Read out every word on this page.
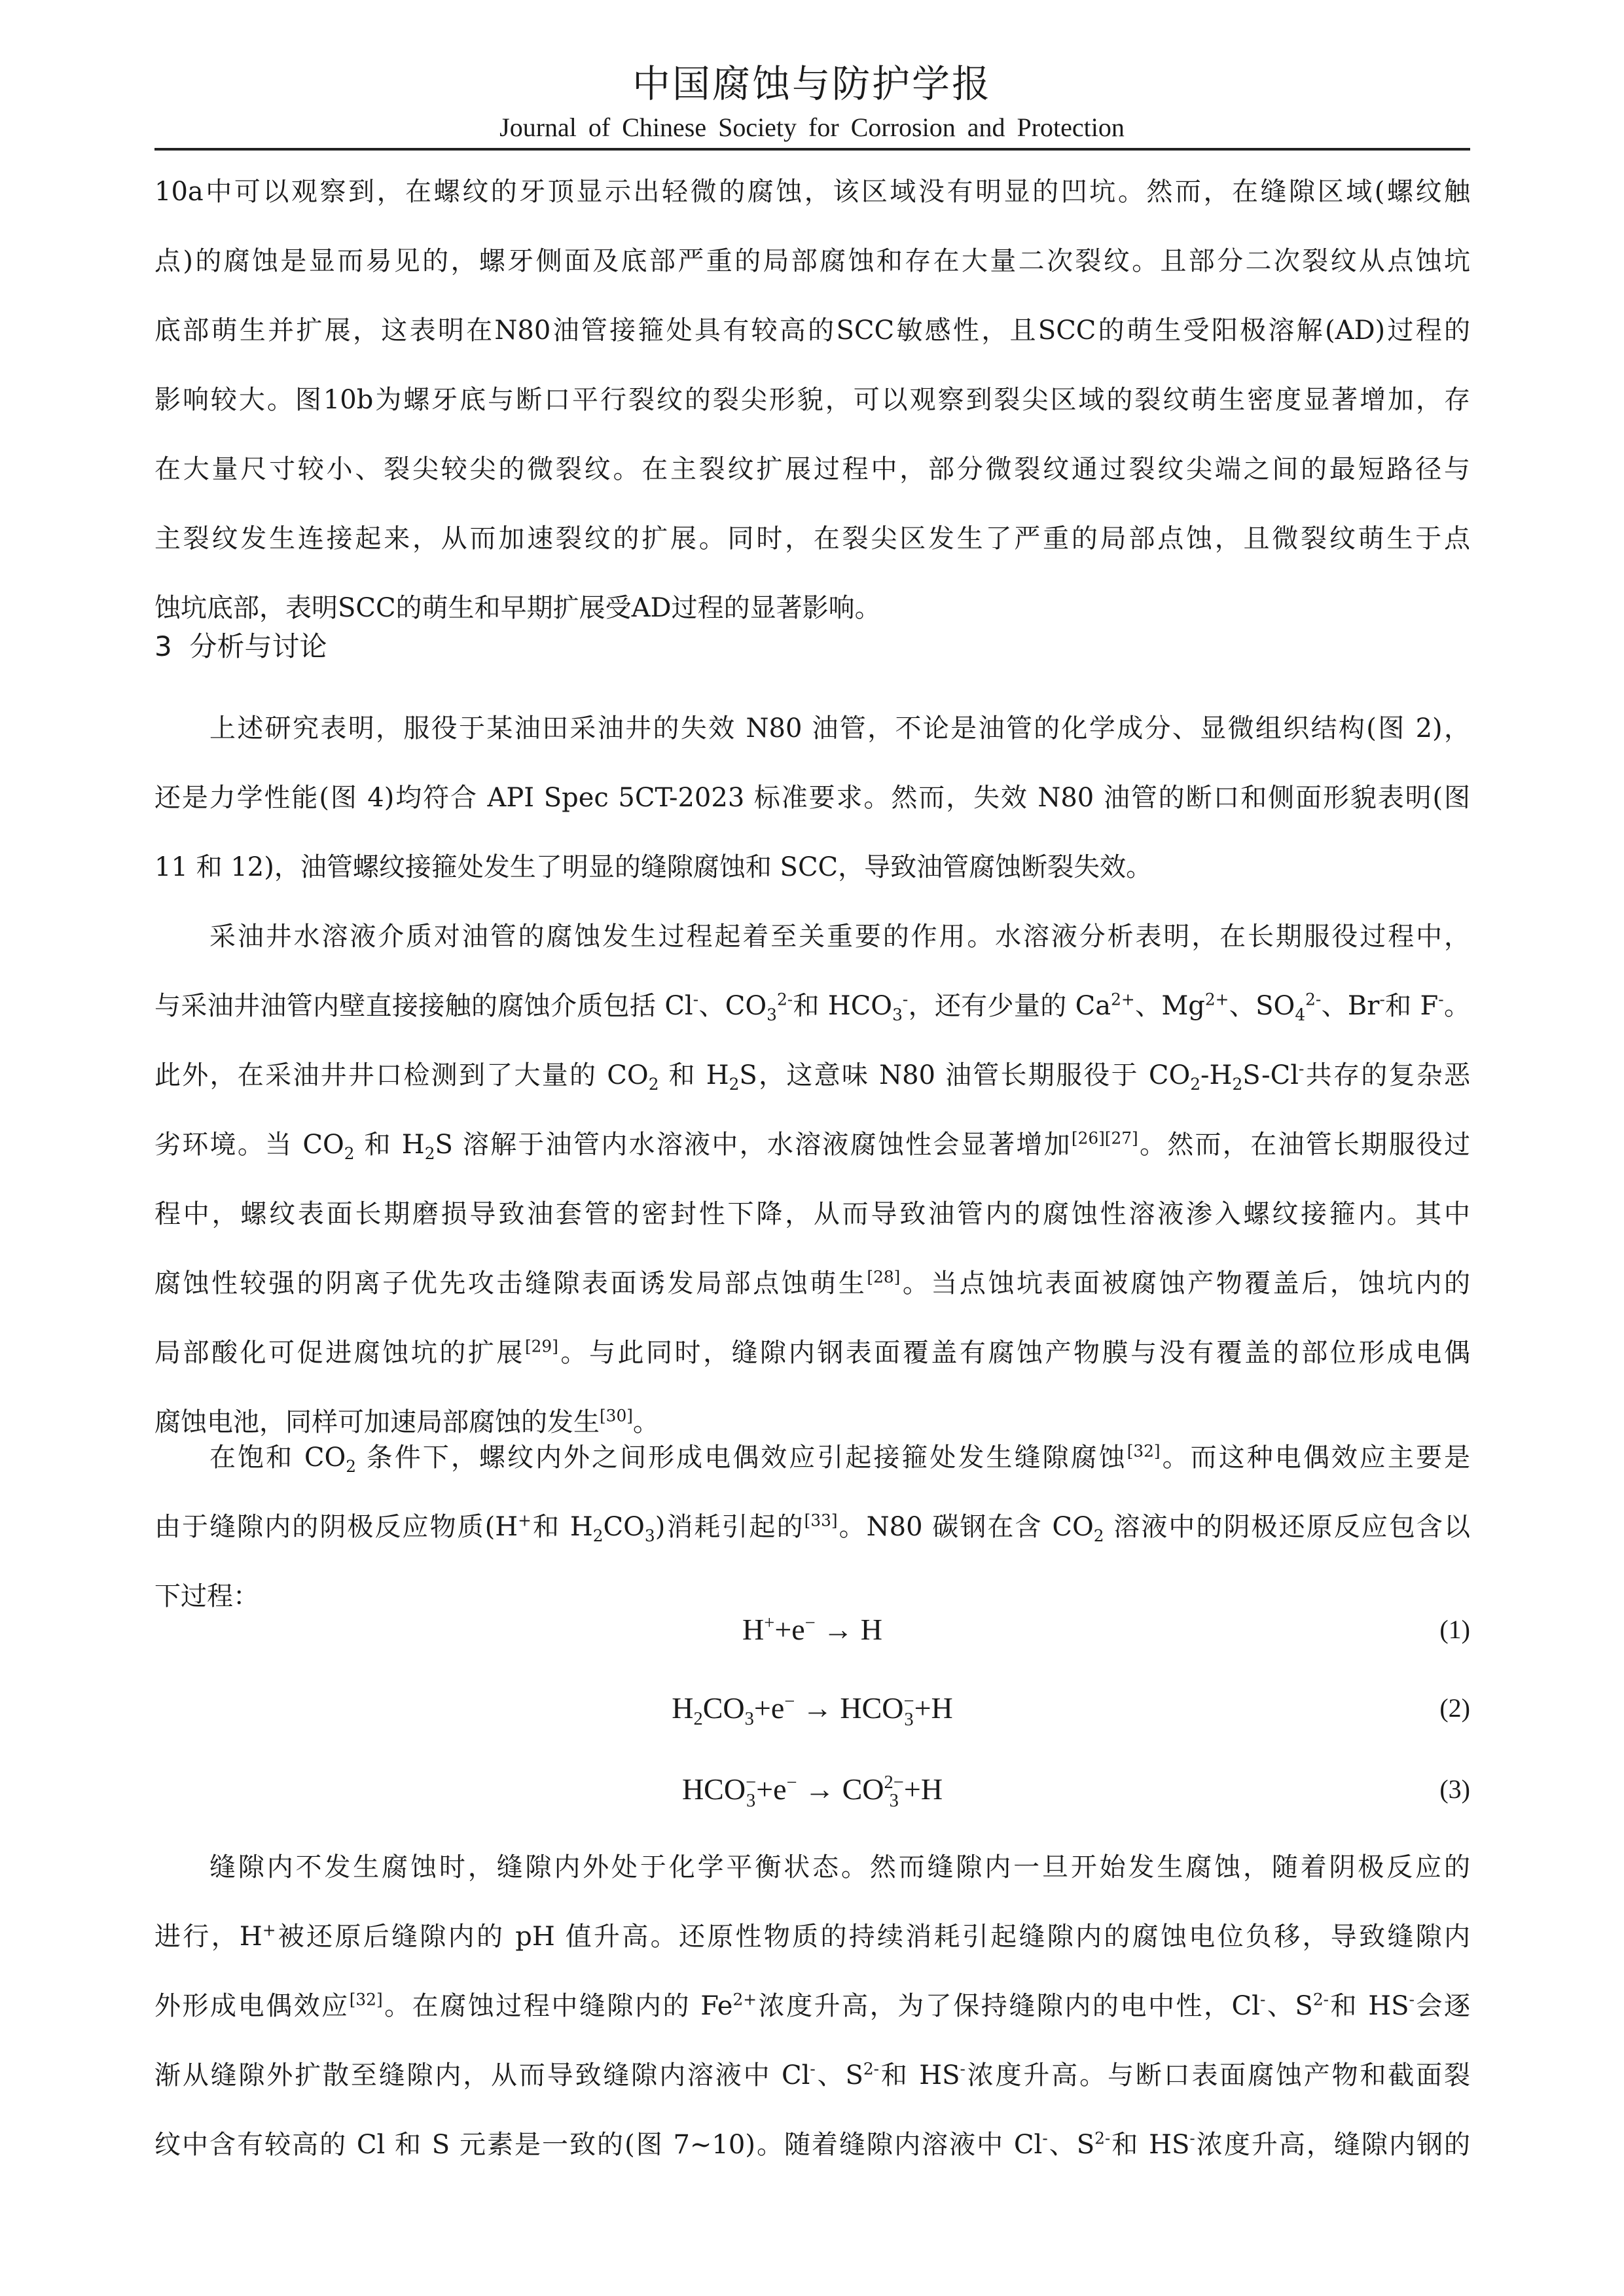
中国腐蚀与防护学报
Journal of Chinese Society for Corrosion and Protection
10a中可以观察到，在螺纹的牙顶显示出轻微的腐蚀，该区域没有明显的凹坑。然而，在缝隙区域(螺纹触
点)的腐蚀是显而易见的，螺牙侧面及底部严重的局部腐蚀和存在大量二次裂纹。且部分二次裂纹从点蚀坑
底部萌生并扩展，这表明在N80油管接箍处具有较高的SCC敏感性，且SCC的萌生受阳极溶解(AD)过程的
影响较大。图10b为螺牙底与断口平行裂纹的裂尖形貌，可以观察到裂尖区域的裂纹萌生密度显著增加，存
在大量尺寸较小、裂尖较尖的微裂纹。在主裂纹扩展过程中，部分微裂纹通过裂纹尖端之间的最短路径与
主裂纹发生连接起来，从而加速裂纹的扩展。同时，在裂尖区发生了严重的局部点蚀，且微裂纹萌生于点
蚀坑底部，表明SCC的萌生和早期扩展受AD过程的显著影响。
3 分析与讨论
上述研究表明，服役于某油田采油井的失效 N80 油管，不论是油管的化学成分、显微组织结构(图 2)，
还是力学性能(图 4)均符合 API Spec 5CT-2023 标准要求。然而，失效 N80 油管的断口和侧面形貌表明(图
11 和 12)，油管螺纹接箍处发生了明显的缝隙腐蚀和 SCC，导致油管腐蚀断裂失效。
采油井水溶液介质对油管的腐蚀发生过程起着至关重要的作用。水溶液分析表明，在长期服役过程中，
与采油井油管内壁直接接触的腐蚀介质包括 Cl-、$CO_3^{2-}$和 $HCO_3^-$，还有少量的 $Ca^{2+}$、$Mg^{2+}$、$SO_4^{2-}$、Br-和 F-。
此外，在采油井井口检测到了大量的 $CO_2$ 和 $H_2S$，这意味 N80 油管长期服役于 $CO_2-H_2S-Cl^-$共存的复杂恶
劣环境。当 $CO_2$ 和 $H_2S$ 溶解于油管内水溶液中，水溶液腐蚀性会显著增加[26][27]。然而，在油管长期服役过
程中，螺纹表面长期磨损导致油套管的密封性下降，从而导致油管内的腐蚀性溶液渗入螺纹接箍内。其中
腐蚀性较强的阴离子优先攻击缝隙表面诱发局部点蚀萌生[28]。当点蚀坑表面被腐蚀产物覆盖后，蚀坑内的
局部酸化可促进腐蚀坑的扩展[29]。与此同时，缝隙内钢表面覆盖有腐蚀产物膜与没有覆盖的部位形成电偶
腐蚀电池，同样可加速局部腐蚀的发生[30]。
在饱和 $CO_2$ 条件下，螺纹内外之间形成电偶效应引起接箍处发生缝隙腐蚀[32]。而这种电偶效应主要是
由于缝隙内的阴极反应物质(H+和 $H_2CO_3$)消耗引起的[33]。N80 碳钢在含 $CO_2$ 溶液中的阴极还原反应包含以
下过程：
H++e− → H	(1)
$H_2CO_3+e^-$ → HCO −
3 +H	(2)
HCO −
3 +e− → CO 2−
3 +H	(3)
缝隙内不发生腐蚀时，缝隙内外处于化学平衡状态。然而缝隙内一旦开始发生腐蚀，随着阴极反应的
进行，H+被还原后缝隙内的 pH 值升高。还原性物质的持续消耗引起缝隙内的腐蚀电位负移，导致缝隙内
外形成电偶效应[32]。在腐蚀过程中缝隙内的 $Fe^{2+}$浓度升高，为了保持缝隙内的电中性，Cl-、$S^{2-}$和 HS-会逐
渐从缝隙外扩散至缝隙内，从而导致缝隙内溶液中 Cl-、$S^{2-}$和 HS-浓度升高。与断口表面腐蚀产物和截面裂
纹中含有较高的 Cl 和 S 元素是一致的(图 7~10)。随着缝隙内溶液中 Cl-、$S^{2-}$和 HS-浓度升高，缝隙内钢的
